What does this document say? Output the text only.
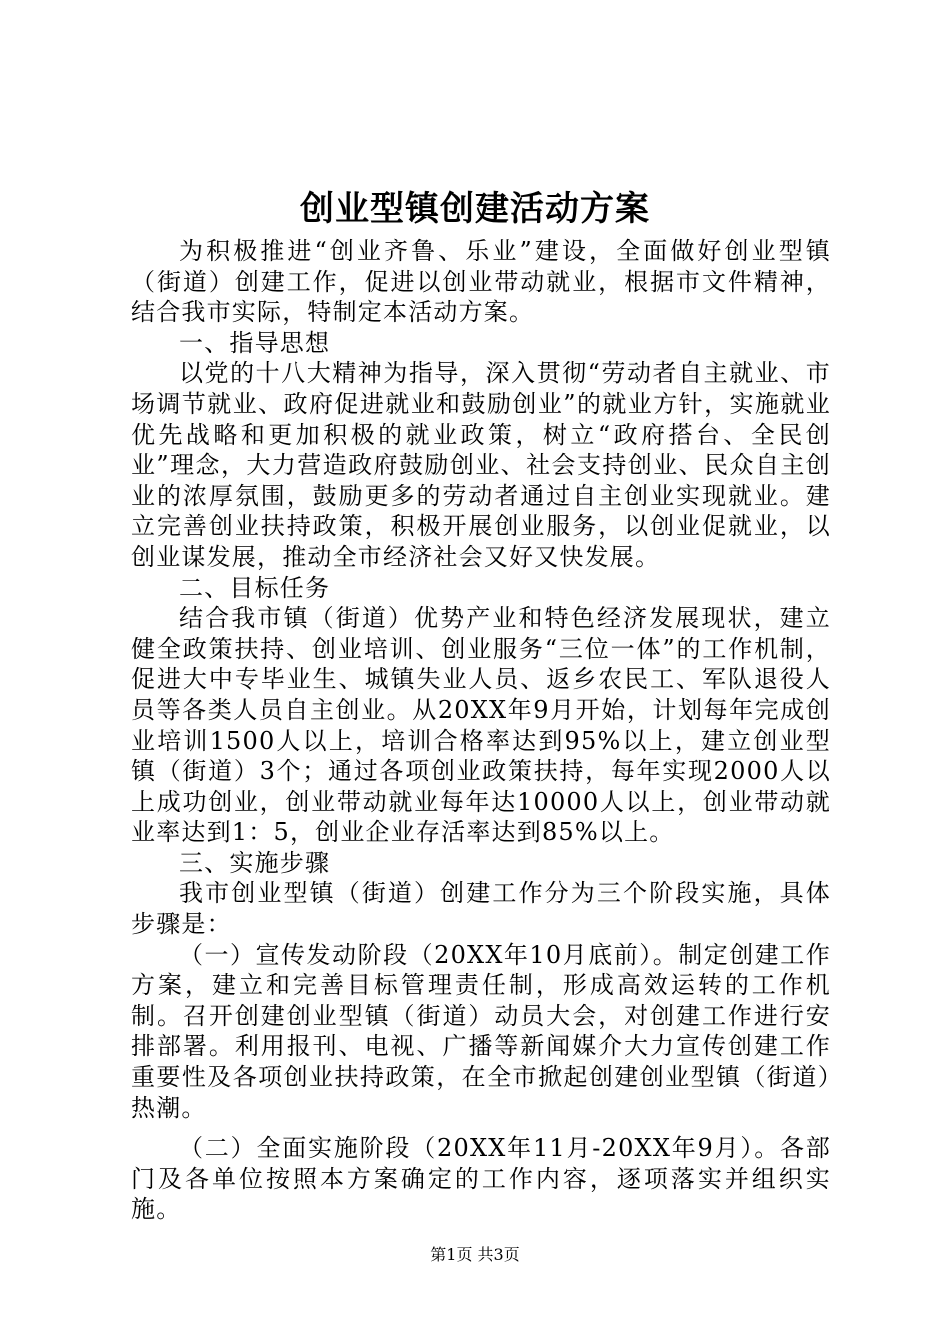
创业型镇创建活动方案

为积极推进“创业齐鲁、乐业”建设，全面做好创业型镇（街道）创建工作，促进以创业带动就业，根据市文件精神，结合我市实际，特制定本活动方案。

一、指导思想

以党的十八大精神为指导，深入贯彻“劳动者自主就业、市场调节就业、政府促进就业和鼓励创业”的就业方针，实施就业优先战略和更加积极的就业政策，树立“政府搭台、全民创业”理念，大力营造政府鼓励创业、社会支持创业、民众自主创业的浓厚氛围，鼓励更多的劳动者通过自主创业实现就业。建立完善创业扶持政策，积极开展创业服务，以创业促就业，以创业谋发展，推动全市经济社会又好又快发展。

二、目标任务

结合我市镇（街道）优势产业和特色经济发展现状，建立健全政策扶持、创业培训、创业服务“三位一体”的工作机制，促进大中专毕业生、城镇失业人员、返乡农民工、军队退役人员等各类人员自主创业。从20XX年9月开始，计划每年完成创业培训1500人以上，培训合格率达到95%以上，建立创业型镇（街道）3个；通过各项创业政策扶持，每年实现2000人以上成功创业，创业带动就业每年达10000人以上，创业带动就业率达到1：5，创业企业存活率达到85%以上。

三、实施步骤

我市创业型镇（街道）创建工作分为三个阶段实施，具体步骤是：

（一）宣传发动阶段（20XX年10月底前）。制定创建工作方案，建立和完善目标管理责任制，形成高效运转的工作机制。召开创建创业型镇（街道）动员大会，对创建工作进行安排部署。利用报刊、电视、广播等新闻媒介大力宣传创建工作重要性及各项创业扶持政策，在全市掀起创建创业型镇（街道）热潮。

（二）全面实施阶段（20XX年11月-20XX年9月）。各部门及各单位按照本方案确定的工作内容，逐项落实并组织实施。

第1页 共3页
